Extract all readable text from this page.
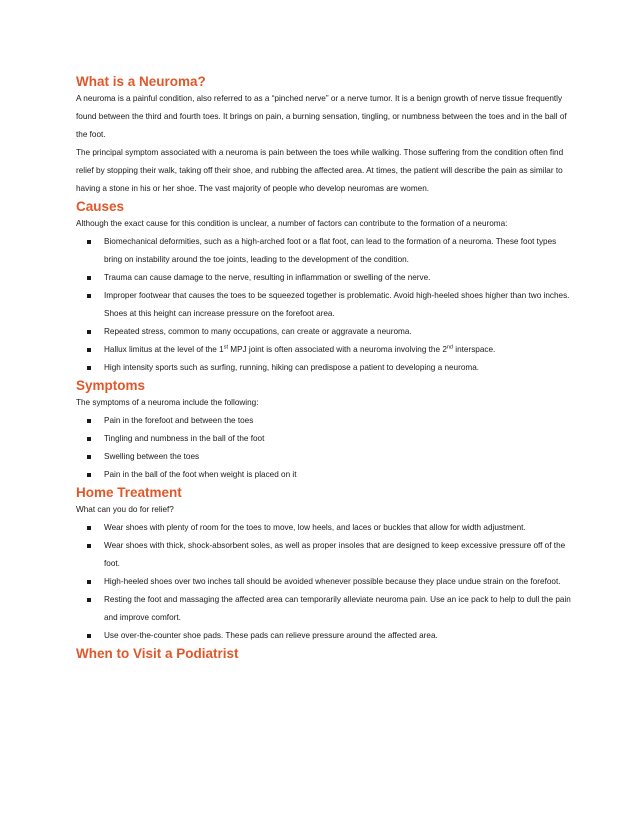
What is a Neuroma?

A neuroma is a painful condition, also referred to as a “pinched nerve” or a nerve tumor. It is a benign growth of nerve tissue frequently found between the third and fourth toes. It brings on pain, a burning sensation, tingling, or numbness between the toes and in the ball of the foot.

The principal symptom associated with a neuroma is pain between the toes while walking. Those suffering from the condition often find relief by stopping their walk, taking off their shoe, and rubbing the affected area. At times, the patient will describe the pain as similar to having a stone in his or her shoe. The vast majority of people who develop neuromas are women.

Causes

Although the exact cause for this condition is unclear, a number of factors can contribute to the formation of a neuroma:

Biomechanical deformities, such as a high-arched foot or a flat foot, can lead to the formation of a neuroma. These foot types bring on instability around the toe joints, leading to the development of the condition.
Trauma can cause damage to the nerve, resulting in inflammation or swelling of the nerve.
Improper footwear that causes the toes to be squeezed together is problematic. Avoid high-heeled shoes higher than two inches. Shoes at this height can increase pressure on the forefoot area.
Repeated stress, common to many occupations, can create or aggravate a neuroma.
Hallux limitus at the level of the 1st MPJ joint is often associated with a neuroma involving the 2nd interspace.
High intensity sports such as surfing, running, hiking can predispose a patient to developing a neuroma.
Symptoms

The symptoms of a neuroma include the following:

Pain in the forefoot and between the toes
Tingling and numbness in the ball of the foot
Swelling between the toes
Pain in the ball of the foot when weight is placed on it
Home Treatment

What can you do for relief?

Wear shoes with plenty of room for the toes to move, low heels, and laces or buckles that allow for width adjustment.
Wear shoes with thick, shock-absorbent soles, as well as proper insoles that are designed to keep excessive pressure off of the foot.
High-heeled shoes over two inches tall should be avoided whenever possible because they place undue strain on the forefoot.
Resting the foot and massaging the affected area can temporarily alleviate neuroma pain. Use an ice pack to help to dull the pain and improve comfort.
Use over-the-counter shoe pads. These pads can relieve pressure around the affected area.
When to Visit a Podiatrist
